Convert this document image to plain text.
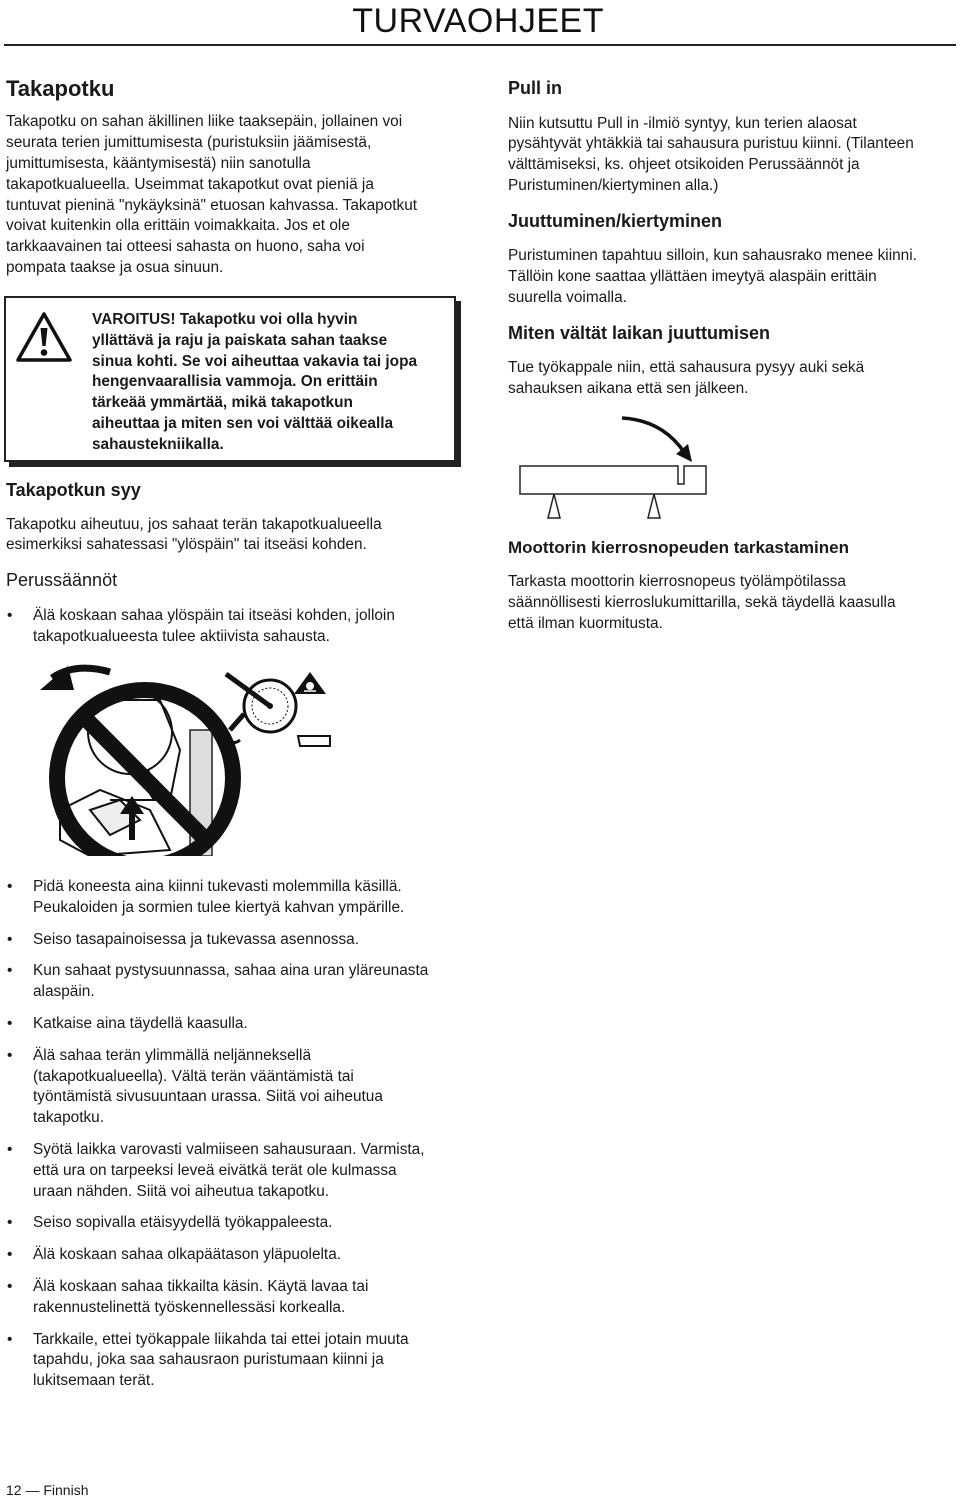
TURVAOHJEET
Takapotku

Takapotku on sahan äkillinen liike taaksepäin, jollainen voi
seurata terien jumittumisesta (puristuksiin jäämisestä,
jumittumisesta, kääntymisestä) niin sanotulla
takapotkualueella. Useimmat takapotkut ovat pieniä ja
tuntuvat pieninä "nykäyksinä" etuosan kahvassa. Takapotkut
voivat kuitenkin olla erittäin voimakkaita. Jos et ole
tarkkaavainen tai otteesi sahasta on huono, saha voi
pompata taakse ja osua sinuun.

VAROITUS! Takapotku voi olla hyvin
yllättävä ja raju ja paiskata sahan taakse
sinua kohti. Se voi aiheuttaa vakavia tai jopa
hengenvaarallisia vammoja. On erittäin
tärkeää ymmärtää, mikä takapotkun
aiheuttaa ja miten sen voi välttää oikealla
sahaustekniikalla.
Takapotkun syy

Takapotku aiheutuu, jos sahaat terän takapotkualueella
esimerkiksi sahatessasi "ylöspäin" tai itseäsi kohden.

Perussäännöt
• Älä koskaan sahaa ylöspäin tai itseäsi kohden, jolloin
takapotkualueesta tulee aktiivista sahausta.
• Pidä koneesta aina kiinni tukevasti molemmilla käsillä.
Peukaloiden ja sormien tulee kiertyä kahvan ympärille.
• Seiso tasapainoisessa ja tukevassa asennossa.
• Kun sahaat pystysuunnassa, sahaa aina uran yläreunasta
alaspäin.
• Katkaise aina täydellä kaasulla.
• Älä sahaa terän ylimmällä neljänneksellä
(takapotkualueella). Vältä terän vääntämistä tai
työntämistä sivusuuntaan urassa. Siitä voi aiheutua
takapotku.
• Syötä laikka varovasti valmiiseen sahausuraan. Varmista,
että ura on tarpeeksi leveä eivätkä terät ole kulmassa
uraan nähden. Siitä voi aiheutua takapotku.
• Seiso sopivalla etäisyydellä työkappaleesta.
• Älä koskaan sahaa olkapäätason yläpuolelta.
• Älä koskaan sahaa tikkailta käsin. Käytä lavaa tai
rakennustelinettä työskennellessäsi korkealla.
• Tarkkaile, ettei työkappale liikahda tai ettei jotain muuta
tapahdu, joka saa sahausraon puristumaan kiinni ja
lukitsemaan terät.
Pull in

Niin kutsuttu Pull in -ilmiö syntyy, kun terien alaosat
pysähtyvät yhtäkkiä tai sahausura puristuu kiinni. (Tilanteen
välttämiseksi, ks. ohjeet otsikoiden Perussäännöt ja
Puristuminen/kiertyminen alla.)

Juuttuminen/kiertyminen

Puristuminen tapahtuu silloin, kun sahausrako menee kiinni.
Tällöin kone saattaa yllättäen imeytyä alaspäin erittäin
suurella voimalla.

Miten vältät laikan juuttumisen

Tue työkappale niin, että sahausura pysyy auki sekä
sahauksen aikana että sen jälkeen.

Moottorin kierrosnopeuden tarkastaminen

Tarkasta moottorin kierrosnopeus työlämpötilassa
säännöllisesti kierroslukumittarilla, sekä täydellä kaasulla
että ilman kuormitusta.

12 — Finnish
